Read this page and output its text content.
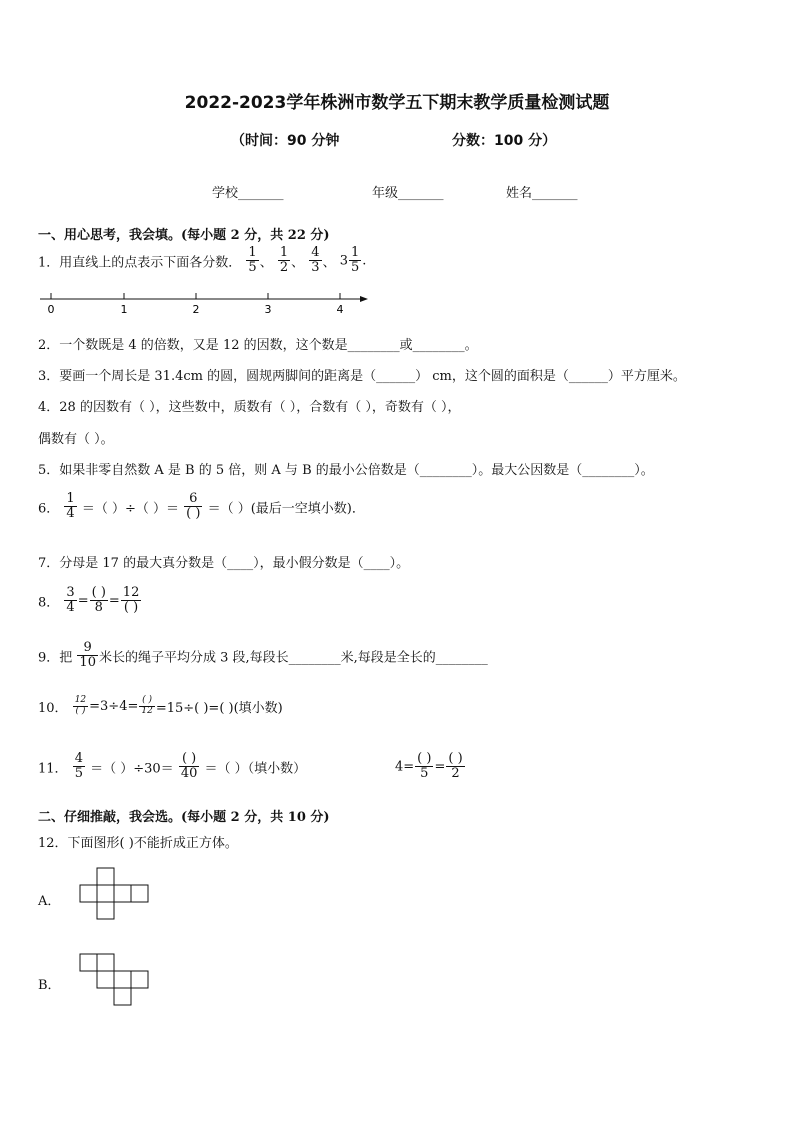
2022-2023学年株洲市数学五下期末教学质量检测试题
（时间：90 分钟	分数：100 分）
学校_______	年级_______	姓名_______
一、用心思考，我会填。(每小题 2 分，共 22 分)
1．用直线上的点表示下面各分数． $\frac{1}{5}$ 、 $\frac{1}{2}$ 、 $\frac{4}{3}$ 、 $3 \frac{1}{5}$ .
0	1	2	3	4
2．一个数既是 4 的倍数，又是 12 的因数，这个数是________或________。
3．要画一个周长是 31.4cm 的圆，圆规两脚间的距离是（______） cm，这个圆的面积是（______）平方厘米。
4．28 的因数有（ ），这些数中，质数有（ ），合数有（ ），奇数有（ ），
偶数有（ ）。
5．如果非零自然数 A 是 B 的 5 倍，则 A 与 B 的最小公倍数是（________）。最大公因数是（________）。
6． $\frac{1}{4}$ ＝（ ）÷（ ）＝ $\frac{6}{( )}$ ＝（ ）(最后一空填小数)．
7．分母是 17 的最大真分数是（____），最小假分数是（____）。
8． $\frac{3}{4} = \frac{( )}{8} = \frac{12}{( )}$
9．把 $\frac{9}{10}$ 米长的绳子平均分成 3 段,每段长________米,每段是全长的________
10． $\frac{12}{( )} =3\div 4= \frac{( )}{12} =15\div$( )=( )(填小数)
11． $\frac{4}{5}$ ＝（ ）$\div 30= \frac{( )}{40}$ ＝（ ）（填小数）	$4= \frac{( )}{5} = \frac{( )}{2}$
二、仔细推敲，我会选。(每小题 2 分，共 10 分)
12．下面图形( )不能折成正方体。
A．
B．
